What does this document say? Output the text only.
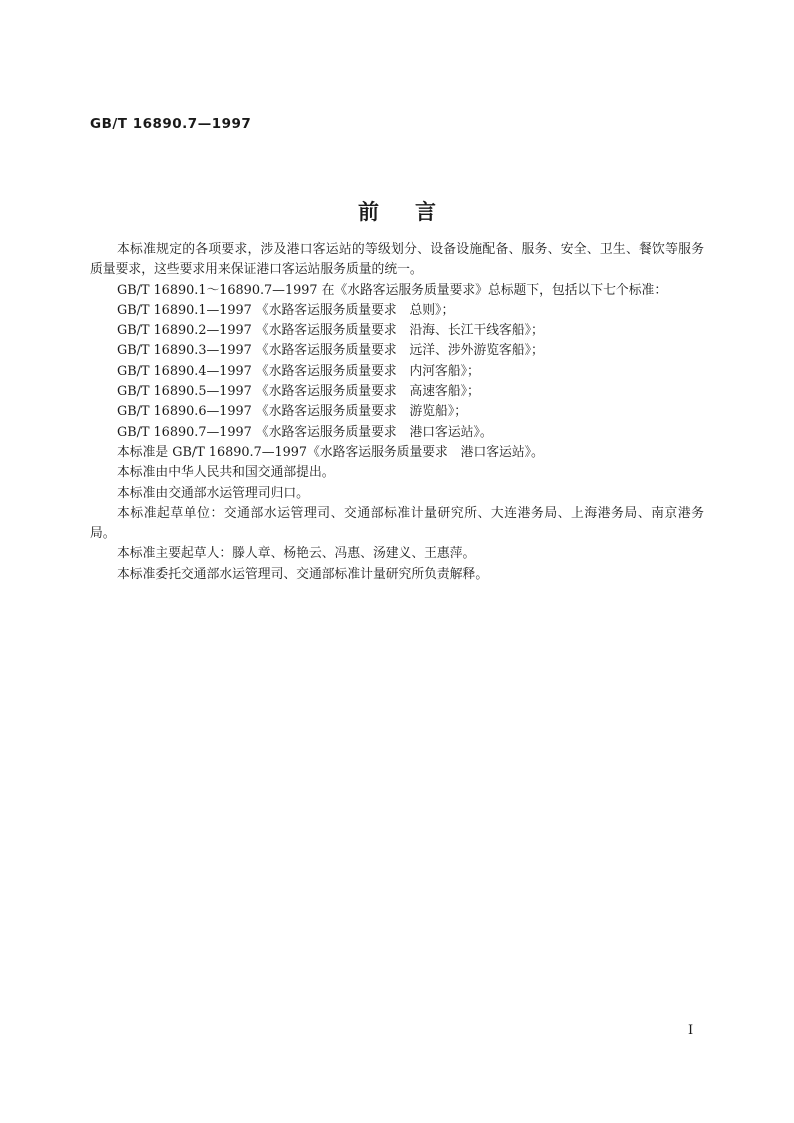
GB/T 16890.7—1997
前言

本标准规定的各项要求，涉及港口客运站的等级划分、设备设施配备、服务、安全、卫生、餐饮等服务质量要求，这些要求用来保证港口客运站服务质量的统一。

GB/T 16890.1～16890.7—1997 在《水路客运服务质量要求》总标题下，包括以下七个标准：

GB/T 16890.1—1997 《水路客运服务质量要求　总则》；

GB/T 16890.2—1997 《水路客运服务质量要求　沿海、长江干线客船》；

GB/T 16890.3—1997 《水路客运服务质量要求　远洋、涉外游览客船》；

GB/T 16890.4—1997 《水路客运服务质量要求　内河客船》；

GB/T 16890.5—1997 《水路客运服务质量要求　高速客船》；

GB/T 16890.6—1997 《水路客运服务质量要求　游览船》；

GB/T 16890.7—1997 《水路客运服务质量要求　港口客运站》。

本标准是 GB/T 16890.7—1997《水路客运服务质量要求　港口客运站》。

本标准由中华人民共和国交通部提出。

本标准由交通部水运管理司归口。

本标准起草单位：交通部水运管理司、交通部标准计量研究所、大连港务局、上海港务局、南京港务局。

本标准主要起草人：滕人章、杨艳云、冯惠、汤建义、王惠萍。

本标准委托交通部水运管理司、交通部标准计量研究所负责解释。

I
